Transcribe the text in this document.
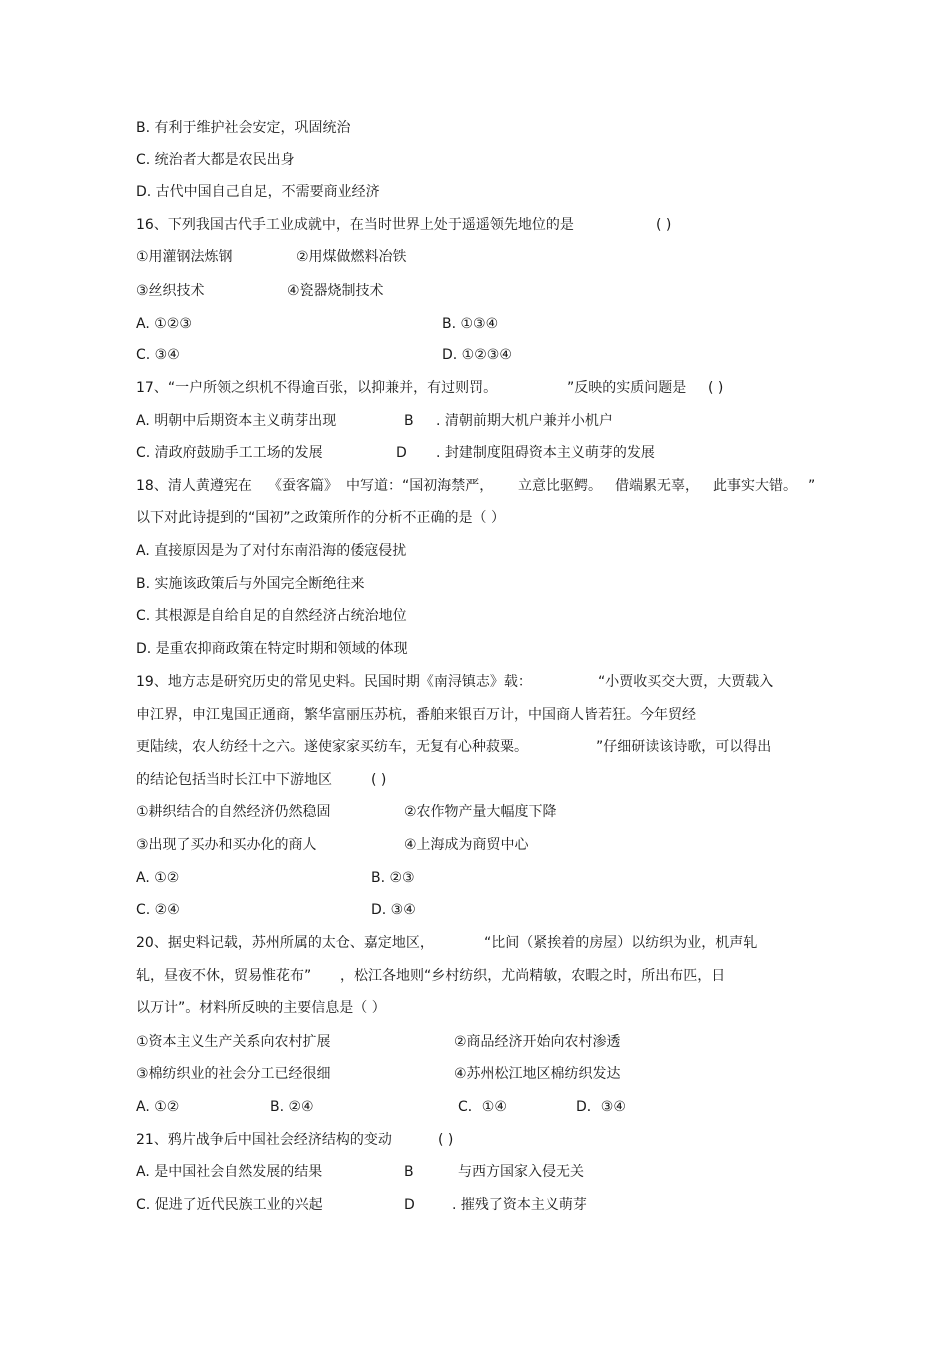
B. 有利于维护社会安定，巩固统治
C. 统治者大都是农民出身
D. 古代中国自己自足，不需要商业经济
16、下列我国古代手工业成就中，在当时世界上处于遥遥领先地位的是	( )
①用灌钢法炼钢	②用煤做燃料冶铁
③丝织技术	④瓷器烧制技术
A. ①②③	B. ①③④
C. ③④	D. ①②③④
17、“一户所领之织机不得逾百张，以抑兼并，有过则罚。	”反映的实质问题是 ( )
A. 明朝中后期资本主义萌芽出现	B . 清朝前期大机户兼并小机户
C. 清政府鼓励手工工场的发展	D . 封建制度阻碍资本主义萌芽的发展
18、清人黄遵宪在 《蚕客篇》 中写道：“国初海禁严， 立意比驱鳄。 借端累无辜， 此事实大错。 ”
以下对此诗提到的“国初”之政策所作的分析不正确的是（ ）
A. 直接原因是为了对付东南沿海的倭寇侵扰
B. 实施该政策后与外国完全断绝往来
C. 其根源是自给自足的自然经济占统治地位
D. 是重农抑商政策在特定时期和领域的体现
19、地方志是研究历史的常见史料。民国时期《南浔镇志》载：	“小贾收买交大贾，大贾载入
申江界，申江鬼国正通商，繁华富丽压苏杭，番舶来银百万计，中国商人皆若狂。今年贸经
更陆续，农人纺经十之六。遂使家家买纺车，无复有心种菽粟。	”仔细研读该诗歌，可以得出
的结论包括当时长江中下游地区	( )
①耕织结合的自然经济仍然稳固	②农作物产量大幅度下降
③出现了买办和买办化的商人	④上海成为商贸中心
A. ①②	B. ②③
C. ②④	D. ③④
20、据史料记载，苏州所属的太仓、嘉定地区，	“比间（紧挨着的房屋）以纺织为业，机声轧
轧，昼夜不休，贸易惟花布” ，松江各地则“乡村纺织，尤尚精敏，农暇之时，所出布匹，日
以万计”。材料所反映的主要信息是（ ）
①资本主义生产关系向农村扩展	②商品经济开始向农村渗透
③棉纺织业的社会分工已经很细	④苏州松江地区棉纺织发达
A. ①②	B. ②④	C．①④	D．③④
21、鸦片战争后中国社会经济结构的变动	( )
A. 是中国社会自然发展的结果	B	与西方国家入侵无关
C. 促进了近代民族工业的兴起	D	. 摧残了资本主义萌芽
